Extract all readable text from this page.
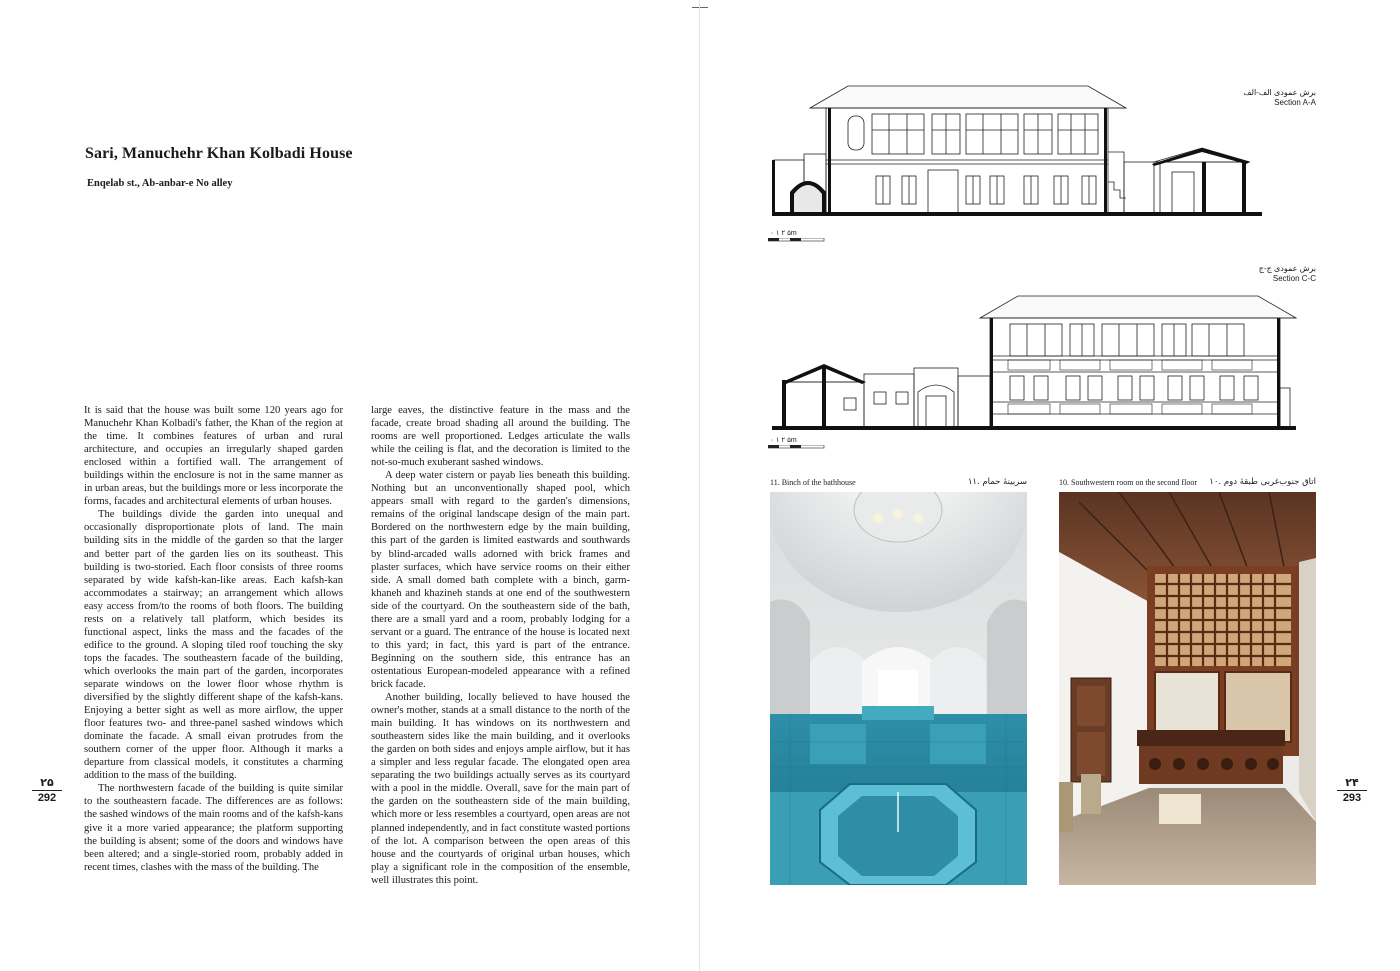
Sari, Manuchehr Khan Kolbadi House
Enqelab st., Ab-anbar-e No alley

It is said that the house was built some 120 years ago for Manuchehr Khan Kolbadi's father, the Khan of the region at the time. It combines features of urban and rural architecture, and occupies an irregularly shaped garden enclosed within a fortified wall. The arrangement of buildings within the enclosure is not in the same manner as in urban areas, but the buildings more or less incorporate the forms, facades and architectural elements of urban houses.

The buildings divide the garden into unequal and occasionally disproportionate plots of land. The main building sits in the middle of the garden so that the larger and better part of the garden lies on its southeast. This building is two-storied. Each floor consists of three rooms separated by wide kafsh-kan-like areas. Each kafsh-kan accommodates a stairway; an arrangement which allows easy access from/to the rooms of both floors. The building rests on a relatively tall platform, which besides its functional aspect, links the mass and the facades of the edifice to the ground. A sloping tiled roof touching the sky tops the facades. The southeastern facade of the building, which overlooks the main part of the garden, incorporates separate windows on the lower floor whose rhythm is diversified by the slightly different shape of the kafsh-kans. Enjoying a better sight as well as more airflow, the upper floor features two- and three-panel sashed windows which dominate the facade. A small eivan protrudes from the southern corner of the upper floor. Although it marks a departure from classical models, it constitutes a charming addition to the mass of the building.

The northwestern facade of the building is quite similar to the southeastern facade. The differences are as follows: the sashed windows of the main rooms and of the kafsh-kans give it a more varied appearance; the platform supporting the building is absent; some of the doors and windows have been altered; and a single-storied room, probably added in recent times, clashes with the mass of the building. The

large eaves, the distinctive feature in the mass and the facade, create broad shading all around the building. The rooms are well proportioned. Ledges articulate the walls while the ceiling is flat, and the decoration is limited to the not-so-much exuberant sashed windows.

A deep water cistern or payab lies beneath this building. Nothing but an unconventionally shaped pool, which appears small with regard to the garden's dimensions, remains of the original landscape design of the main part. Bordered on the northwestern edge by the main building, this part of the garden is limited eastwards and southwards by blind-arcaded walls adorned with brick frames and plaster surfaces, which have service rooms on their either side. A small domed bath complete with a binch, garm-khaneh and khazineh stands at one end of the southwestern side of the courtyard. On the southeastern side of the bath, there are a small yard and a room, probably lodging for a servant or a guard. The entrance of the house is located next to this yard; in fact, this yard is part of the entrance. Beginning on the southern side, this entrance has an ostentatious European-modeled appearance with a refined brick facade.

Another building, locally believed to have housed the owner's mother, stands at a small distance to the north of the main building. It has windows on its northwestern and southeastern sides like the main building, and it overlooks the garden on both sides and enjoys ample airflow, but it has a simpler and less regular facade. The elongated open area separating the two buildings actually serves as its courtyard with a pool in the middle. Overall, save for the main part of the garden on the southeastern side of the main building, which more or less resembles a courtyard, open areas are not planned independently, and in fact constitute wasted portions of the lot. A comparison between the open areas of this house and the courtyards of original urban houses, which play a significant role in the composition of the ensemble, well illustrates this point.

۲۵
292
۲۴
293
برش عمودی الف-الف
Section A-A
۰ ۱ ۲ ۵m
برش عمودی ج-ج
Section C-C
۰ ۱ ۲ ۵m
11. Binch of the bathhouse	۱۱. سربینهٔ حمام	10. Southwestern room on the second floor	۱۰. اتاق جنوب‌غربی طبقهٔ دوم
